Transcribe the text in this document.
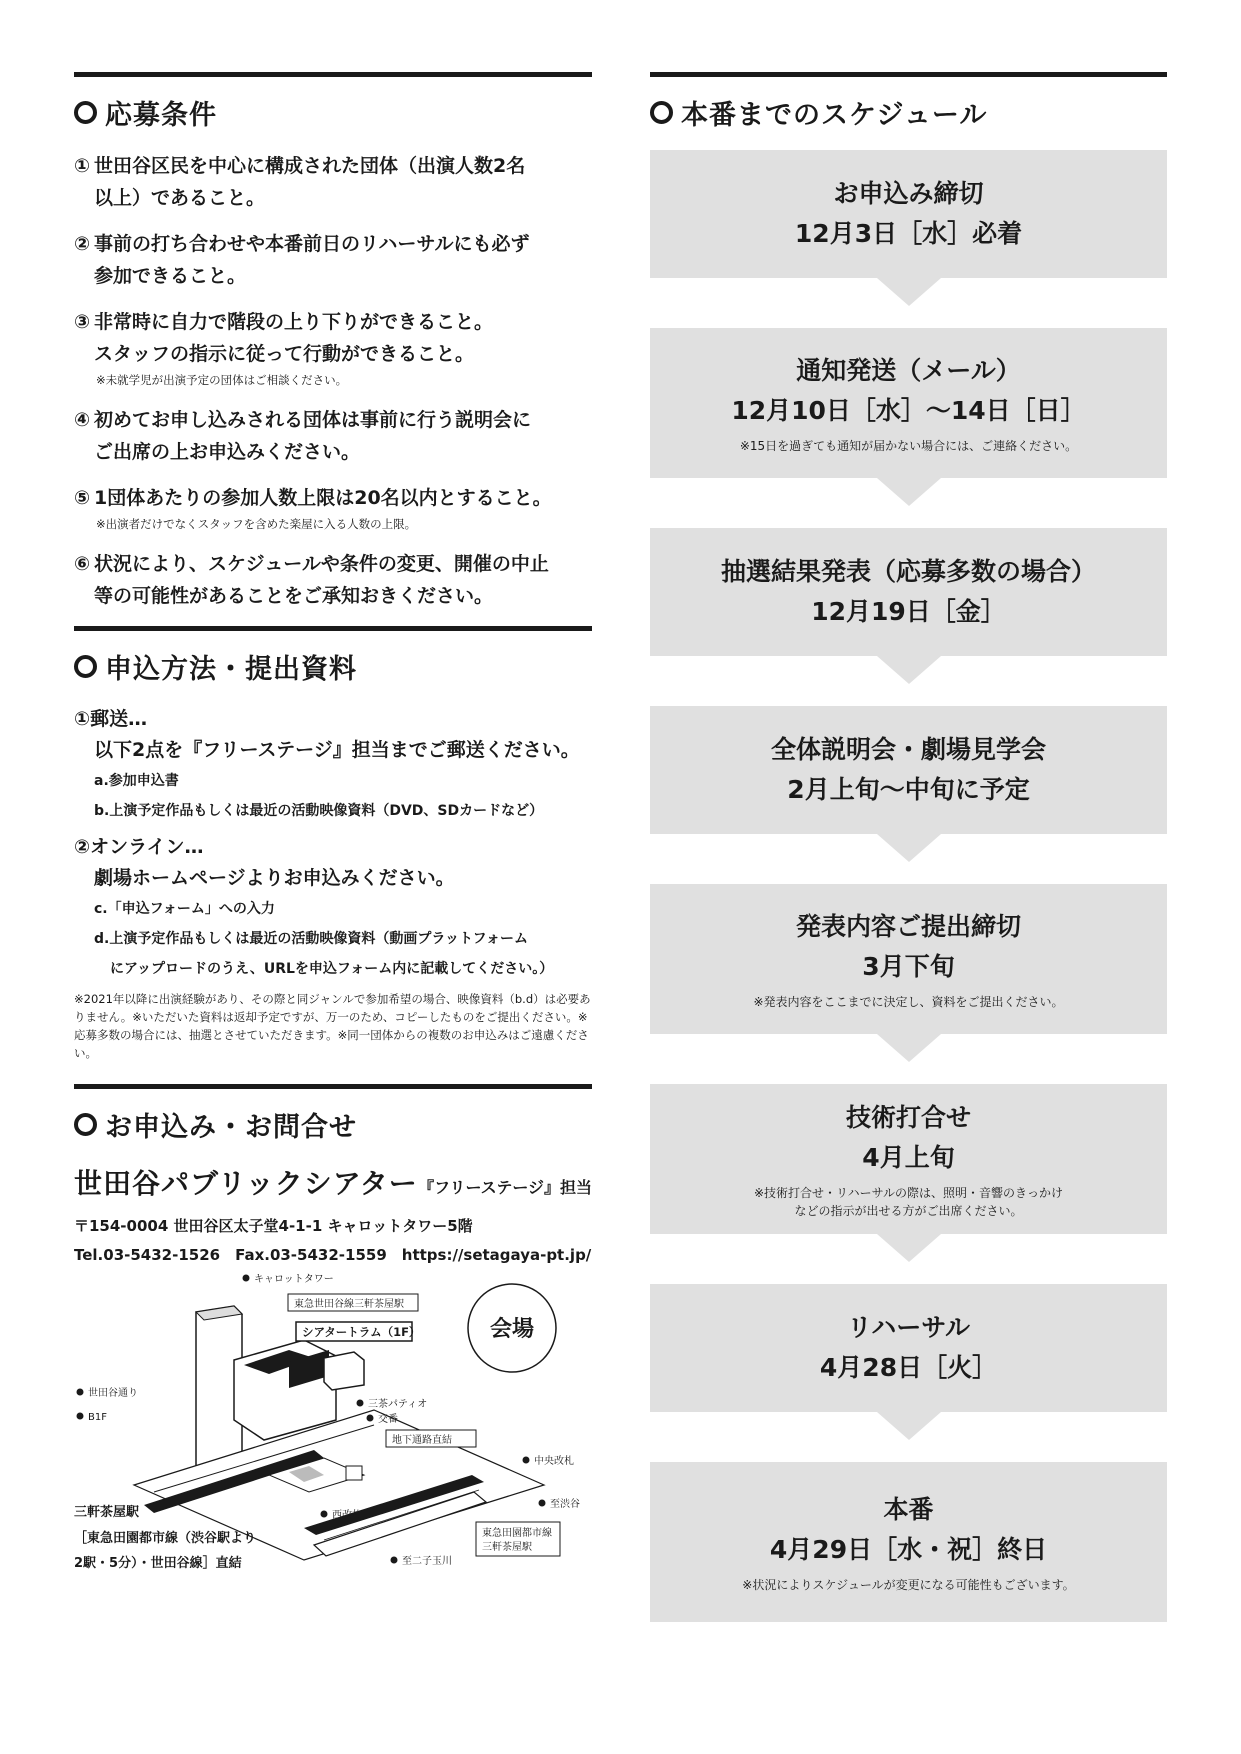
応募条件
① 世田谷区民を中心に構成された団体（出演人数2名
以上）であること。
② 事前の打ち合わせや本番前日のリハーサルにも必ず
参加できること。
③ 非常時に自力で階段の上り下りができること。
スタッフの指示に従って行動ができること。
※未就学児が出演予定の団体はご相談ください。
④ 初めてお申し込みされる団体は事前に行う説明会に
ご出席の上お申込みください。
⑤ 1団体あたりの参加人数上限は20名以内とすること。
※出演者だけでなくスタッフを含めた楽屋に入る人数の上限。
⑥ 状況により、スケジュールや条件の変更、開催の中止
等の可能性があることをご承知おきください。
申込方法・提出資料
①郵送…
以下2点を『フリーステージ』担当までご郵送ください。
a.参加申込書
b.上演予定作品もしくは最近の活動映像資料（DVD、SDカードなど）
②オンライン…
劇場ホームページよりお申込みください。
c.「申込フォーム」への入力
d.上演予定作品もしくは最近の活動映像資料（動画プラットフォーム
にアップロードのうえ、URLを申込フォーム内に記載してください。）
※2021年以降に出演経験があり、その際と同ジャンルで参加希望の場合、映像資料（b.d）は必要ありません。※いただいた資料は返却予定ですが、万一のため、コピーしたものをご提出ください。※応募多数の場合には、抽選とさせていただきます。※同一団体からの複数のお申込みはご遠慮ください。
お申込み・お問合せ
世田谷パブリックシアター 『フリーステージ』担当
〒154-0004 世田谷区太子堂4-1-1 キャロットタワー5階
Tel.03-5432-1526　Fax.03-5432-1559　https://setagaya-pt.jp/
会場
キャロットタワー
東急世田谷線三軒茶屋駅
シアタートラム（1F）
世田谷通り
B1F
三茶パティオ
交番
地下通路直結
中央改札
至渋谷
西改札
至二子玉川
東急田園都市線
三軒茶屋駅
三軒茶屋駅
［東急田園都市線（渋谷駅より
2駅・5分）・世田谷線］直結
本番までのスケジュール
お申込み締切
12月3日［水］必着
通知発送（メール）
12月10日［水］〜14日［日］
※15日を過ぎても通知が届かない場合には、ご連絡ください。
抽選結果発表（応募多数の場合）
12月19日［金］
全体説明会・劇場見学会
2月上旬〜中旬に予定
発表内容ご提出締切
3月下旬
※発表内容をここまでに決定し、資料をご提出ください。
技術打合せ
4月上旬
※技術打合せ・リハーサルの際は、照明・音響のきっかけ
などの指示が出せる方がご出席ください。
リハーサル
4月28日［火］
本番
4月29日［水・祝］終日
※状況によりスケジュールが変更になる可能性もございます。
